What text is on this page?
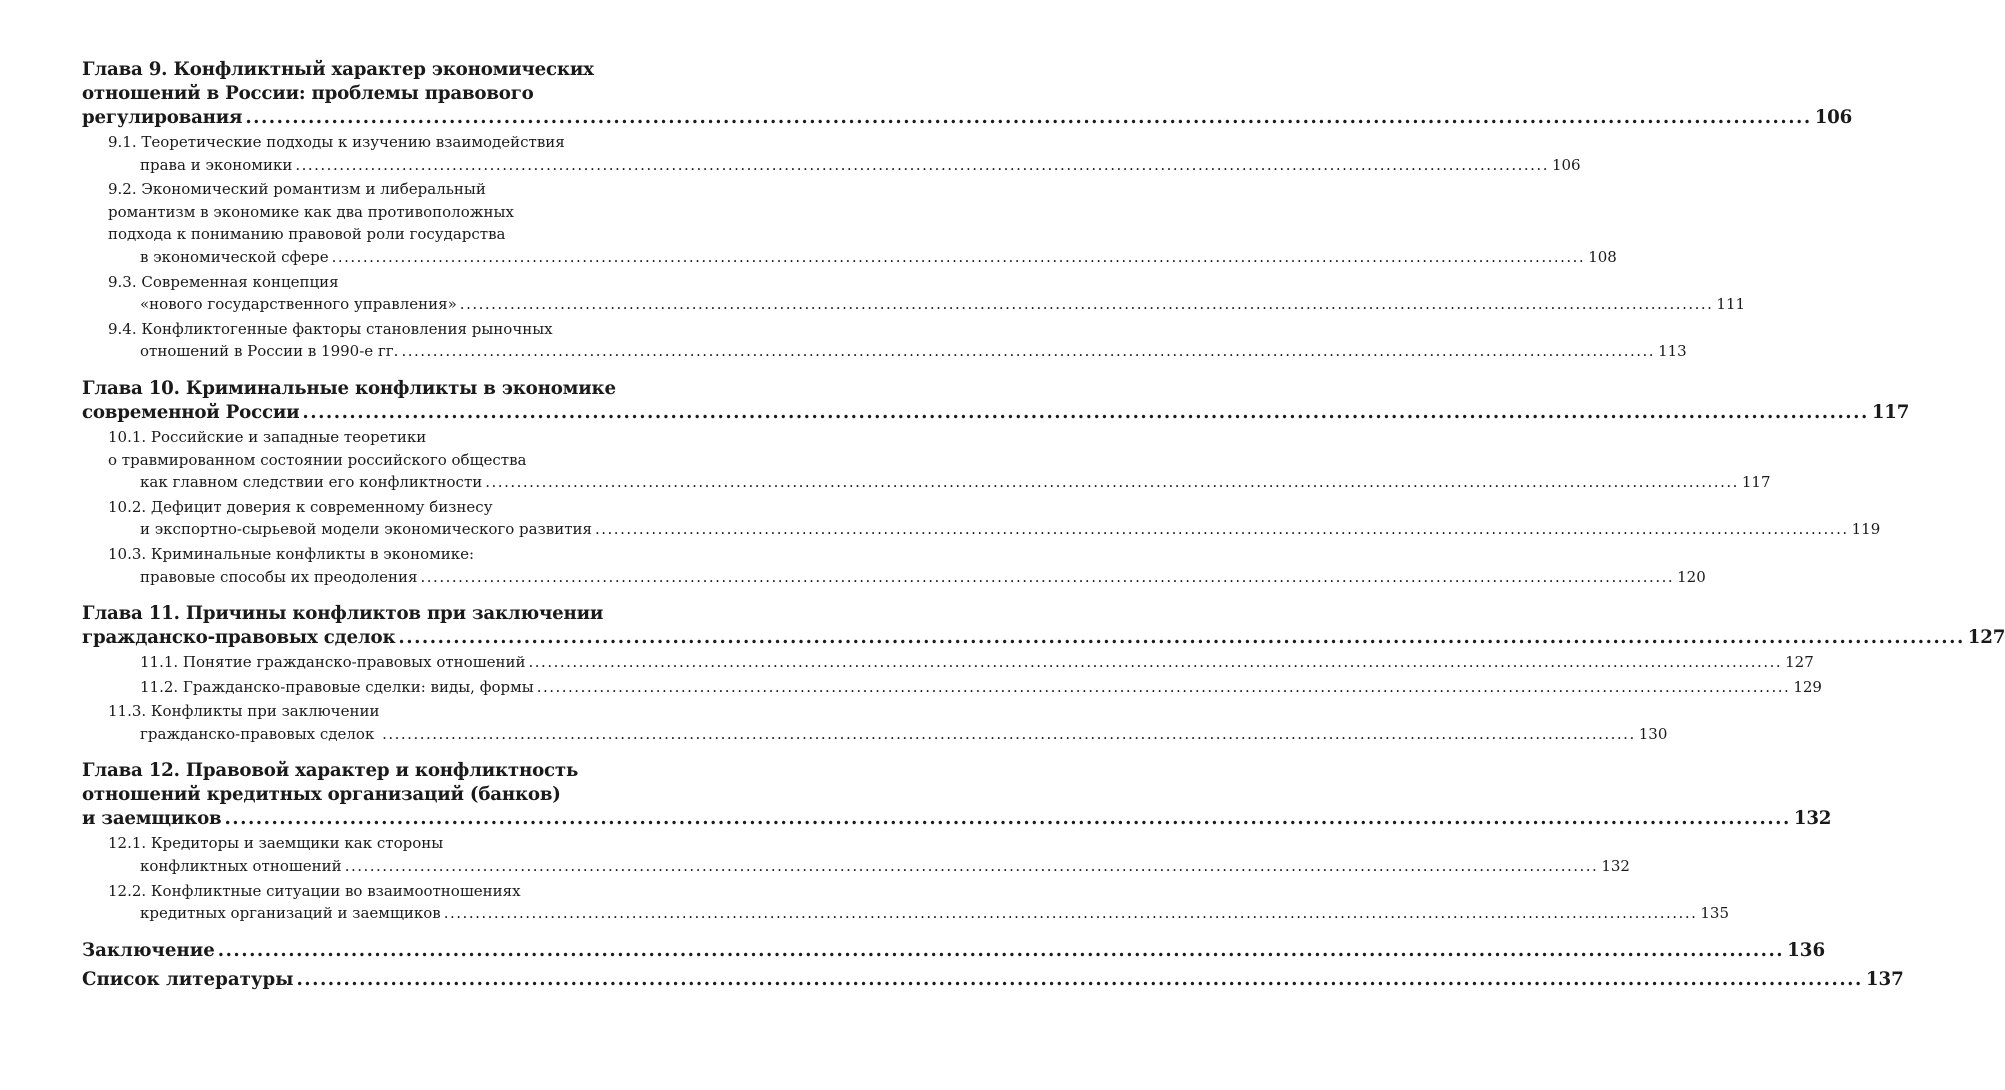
Глава 9. Конфликтный характер экономических
отношений в России: проблемы правового
регулирования .....	106
9.1. Теоретические подходы к изучению взаимодействия
права и экономики .....	106
9.2. Экономический романтизм и либеральный
романтизм в экономике как два противоположных
подхода к пониманию правовой роли государства
в экономической сфере .....	108
9.3. Современная концепция
«нового государственного управления» .....	111
9.4. Конфликтогенные факторы становления рыночных
отношений в России в 1990-е гг. .....	113
Глава 10. Криминальные конфликты в экономике
современной России .....	117
10.1. Российские и западные теоретики
о травмированном состоянии российского общества
как главном следствии его конфликтности .....	117
10.2. Дефицит доверия к современному бизнесу
и экспортно-сырьевой модели экономического развития .....	119
10.3. Криминальные конфликты в экономике:
правовые способы их преодоления .....	120
Глава 11. Причины конфликтов при заключении
гражданско-правовых сделок .....	127
11.1. Понятие гражданско-правовых отношений .....	127
11.2. Гражданско-правовые сделки: виды, формы .....	129
11.3. Конфликты при заключении
гражданско-правовых сделок .....	130
Глава 12. Правовой характер и конфликтность
отношений кредитных организаций (банков)
и заемщиков .....	132
12.1. Кредиторы и заемщики как стороны
конфликтных отношений .....	132
12.2. Конфликтные ситуации во взаимоотношениях
кредитных организаций и заемщиков .....	135
Заключение .....	136
Список литературы .....	137
